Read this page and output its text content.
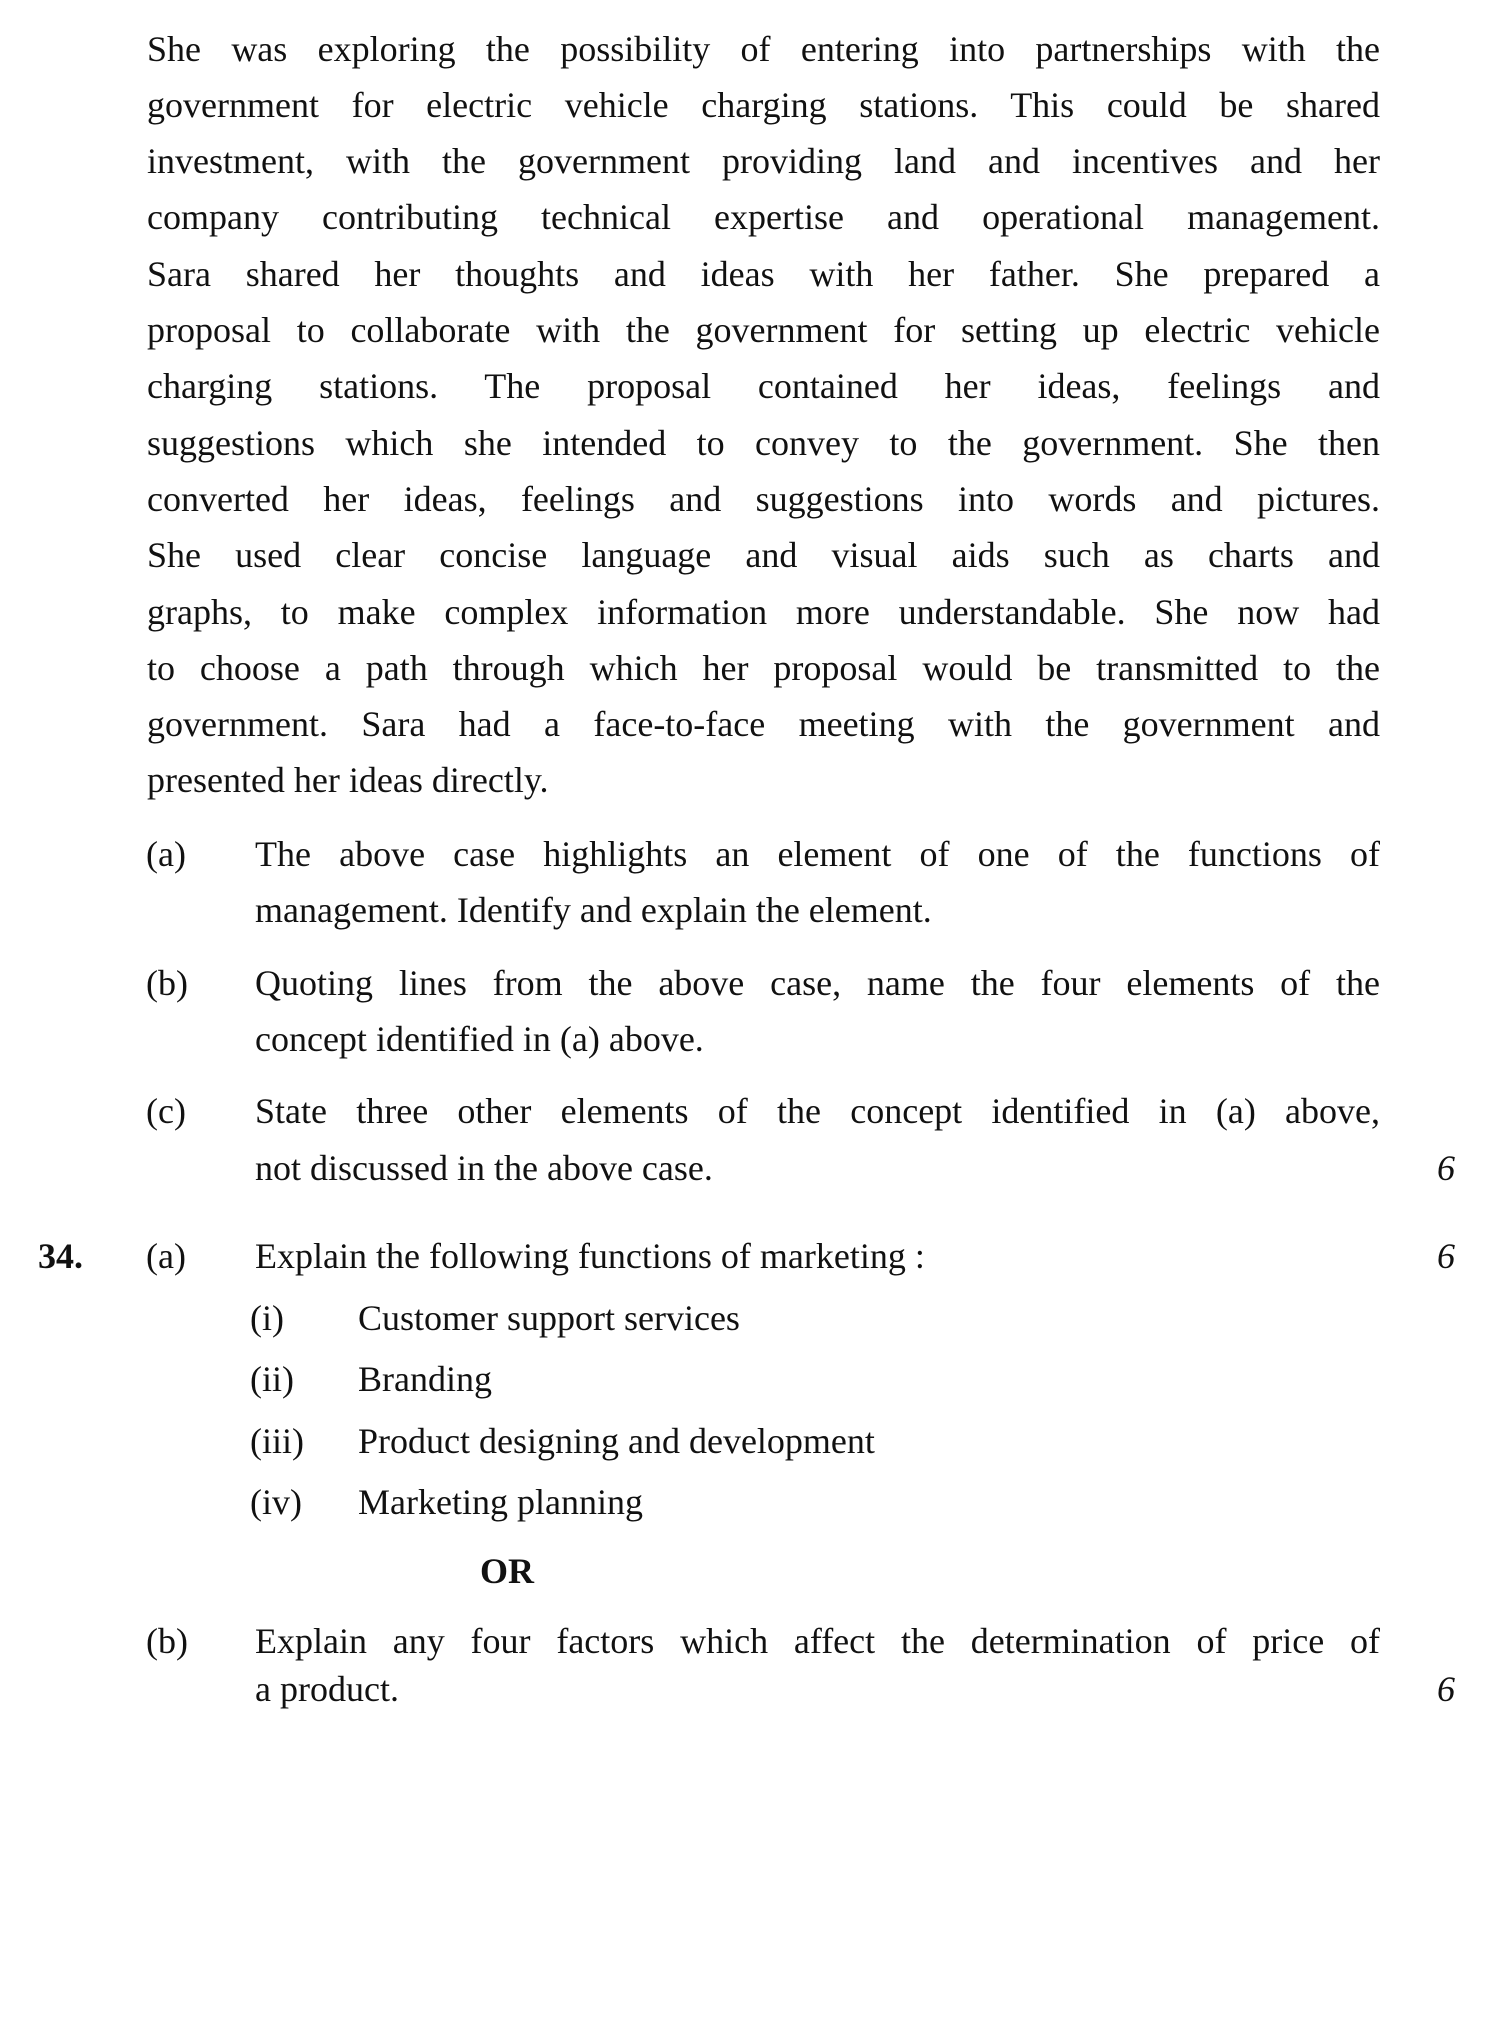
She was exploring the possibility of entering into partnerships with the
government for electric vehicle charging stations. This could be shared
investment, with the government providing land and incentives and her
company contributing technical expertise and operational management.
Sara shared her thoughts and ideas with her father. She prepared a
proposal to collaborate with the government for setting up electric vehicle
charging stations. The proposal contained her ideas, feelings and
suggestions which she intended to convey to the government. She then
converted her ideas, feelings and suggestions into words and pictures.
She used clear concise language and visual aids such as charts and
graphs, to make complex information more understandable. She now had
to choose a path through which her proposal would be transmitted to the
government. Sara had a face-to-face meeting with the government and
presented her ideas directly.
(a) The above case highlights an element of one of the functions of
management. Identify and explain the element.
(b) Quoting lines from the above case, name the four elements of the
concept identified in (a) above.
(c) State three other elements of the concept identified in (a) above,
not discussed in the above case.	6
34. (a) Explain the following functions of marketing :	6
(i) Customer support services
(ii) Branding
(iii) Product designing and development
(iv) Marketing planning
OR
(b) Explain any four factors which affect the determination of price of
a product.	6
